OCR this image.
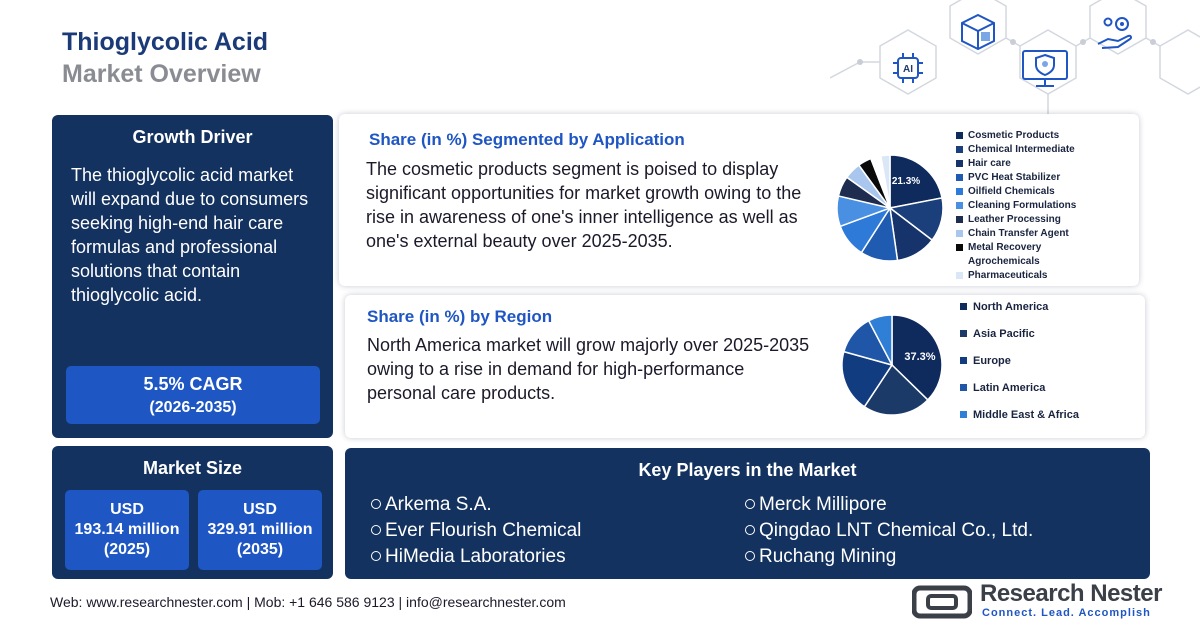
Thioglycolic Acid
Market Overview	AI
Growth Driver
The thioglycolic acid market will expand due to consumers seeking high-end hair care formulas and professional solutions that contain thioglycolic acid.
5.5% CAGR
(2026-2035)
Market Size
USD
193.14 million
(2025)
USD
329.91 million
(2035)
Share (in %) Segmented by Application
The cosmetic products segment is poised to display significant opportunities for market growth owing to the rise in awareness of one's inner intelligence as well as one's external beauty over 2025-2035.
21.3%
Cosmetic Products
Chemical Intermediate
Hair care
PVC Heat Stabilizer
Oilfield Chemicals
Cleaning Formulations
Leather Processing
Chain Transfer Agent
Metal Recovery
Agrochemicals
Pharmaceuticals
Share (in %) by Region
North America market will grow majorly over 2025-2035 owing to a rise in demand for high-performance personal care products.
37.3%
North America
Asia Pacific
Europe
Latin America
Middle East & Africa
Key Players in the Market
Arkema S.A.
Ever Flourish Chemical
HiMedia Laboratories
Merck Millipore
Qingdao LNT Chemical Co., Ltd.
Ruchang Mining
Web: www.researchnester.com | Mob: +1 646 586 9123 | info@researchnester.com	Research Nester
Connect. Lead. Accomplish
